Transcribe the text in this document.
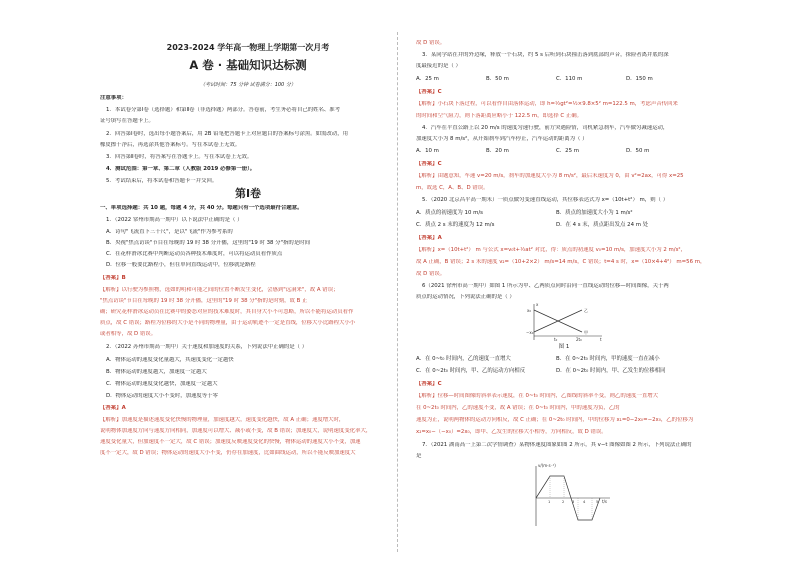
2023-2024 学年高一物理上学期第一次月考
A 卷 · 基础知识达标测
（考试时间：75 分钟 试卷满分：100 分）
注意事项：
1．本试卷分第Ⅰ卷（选择题）和第Ⅱ卷（非选择题）两部分。答卷前，考生务必将自己的姓名、准考
证号填写在答题卡上。
2．回答第Ⅰ卷时，选出每小题答案后，用 2B 铅笔把答题卡上对应题目的答案标号涂黑。如需改动，用
橡皮擦干净后，再选涂其他答案标号。写在本试卷上无效。
3．回答第Ⅱ卷时，将答案写在答题卡上。写在本试卷上无效。
4．测试范围：第一章、第二章（人教版 2019 必修第一册）。
5．考试结束后，将本试卷和答题卡一并交回。
第Ⅰ卷
一、单项选择题：共 10 题，每题 4 分，共 40 分。每题只有一个选项最符合题意。
1．（2022 常州市期高一期中）以下说法中正确的是（ ）
A．诗句"飞流直下三千尺"，是以"飞流"作为参考系的
B．央视"焦点访谈"节目在每晚的 19 时 38 分开播，这里的"19 时 38 分"指的是时间
C．在花样滑冰比赛中判断运动员各种技术难度时，可以将运动员看作质点
D．位移一般要比路程小，但在单向直线运动中，位移就是路程
【答案】B
【解析】以行驶为参照物，选如的明和可能之间的位置不断发生变化，会感到"远洞来"，故 A 错误；
"焦点访谈"节目在每晚的 19 时 38 分开播，这里的"19 时 38 分"指的是时刻，故 B 正
确；研究花样滑冰运动员在比赛中的姿态对应的技术难度时，其自身大小不可忽略，所以不能将运动员看作
质点，故 C 错误；路程为位移的大小是不同的物理量，由于运动轨迹不一定是直线，位移大小比路程大小小
或者相等，故 D 错误。
2．（2022 苏州市期高一期中）关于速度和加速度的关系，下列说法中正确的是（ ）
A．物体运动的速度变化量越大，其速度变化一定越快
B．物体运动的速度越大，加速度一定越大
C．物体运动的速度变化越快，加速度一定越大
D．物体运动的速度大小不变时，加速度等于零
【答案】A
【解析】加速度是描述速度变化快慢的物理量，加速度越大，速度变化越快，故 A 正确；速度增大时，
说明物体加速度方向与速度方向相同，加速度可以增大、减小或不变，故 B 错误；加速度大，说明速度变化率大，
速度变化量大，但加速度不一定大，故 C 错误；加速度反映速度变化的快慢，物体运动的速度大小不变，加速
度不一定大，故 D 错误；物体运动的速度大小不变，仍存在加速度，比如曲线运动，所以不能反映加速度大
故 D 错误。
3．某同学站在井的外边缘，释放一个石块，约 5 s 后听到石块撞击落到底部的声音，探险者离井底的深
度最接近的是（ ）
A．25 m	B．50 m	C．110 m	D．150 m
【答案】C
【解析】小石块下落过程，可以看作自由落体运动，即 h=½gt²=½×9.8×5² m=122.5 m，考虑声音传回来
的时间和空气阻力，则下落距离应略小于 122.5 m，即选择 C 正确。
4．汽车在平直公路上以 20 m/s 的速度匀速行驶，前方突遇险情，司机紧急刹车，汽车做匀减速运动，
加速度大小为 8 m/s²，从开始刹车到汽车停止，汽车运动的距离为（ ）
A．10 m	B．20 m	C．25 m	D．50 m
【答案】C
【解析】由题意知，车速 v=20 m/s，刹车的加速度大小为 8 m/s²，最后末速度为 0，由 v²=2ax，可得 x=25
m，故选 C，A、B、D 错误。
5．（2020 北京昌平高一期末）一质点做匀变速直线运动，其位移表达式为 x=（10t+t²） m，则（ ）
A．质点的初速度为 10 m/s	B．质点的加速度大小为 1 m/s²
C．质点 2 s 末的速度为 12 m/s	D．在 4 s 末，质点距出发点 24 m 处
【答案】A
【解析】x=（10t+t²） m 与公式 x=v₀t+½at² 对比，得：质点的初速度 v₀=10 m/s，加速度大小为 2 m/s²，
故 A 正确，B 错误；2 s 末的速度 v₂=（10+2×2） m/s=14 m/s，C 错误；t=4 s 时，x=（10×4+4²） m=56 m，
故 D 错误。
6（2021 徐州市高一期中）如图 1 所示为甲、乙两质点同时沿同一直线运动的位移—时间图像，关于两
质点的运动情况，下列说法正确的是（ ）
x₀
甲
乙
t
x
t₀	2t₀
−x₀
图 1
A．在 0~t₀ 时间内，乙的速度一直增大	B．在 0~2t₀ 时间内，甲的速度一直在减小
C．在 0~2t₀ 时间内，甲、乙的运动方向相反	D．在 0~2t₀ 时间内，甲、乙发生的位移相同
【答案】C
【解析】位移—时间图像的斜率表示速度，在 0~t₀ 时间内，乙图线的斜率不变，则乙的速度一直增大
在 0~2t₀ 时间内，乙的速度不变，故 A 错误；在 0~t₀ 时间内，甲的速度为负，乙的
速度为正，说明两物体的运动方向相反，故 C 正确；在 0~2t₀ 时间内，甲的位移为 x₁=0−2x₀=−2x₀，乙的位移为
x₂=x₀−（−x₀）=2x₀，即甲、乙发生的位移大小相等，方向相反，故 D 错误。
7．（2021 湖南高一上第二次学情调查）某物体速度图象如图 2 所示，其 v−t 图像如图 2 所示，下列说法正确的
是
v/(m·s⁻¹)
t/s
1	2 3 4	5
